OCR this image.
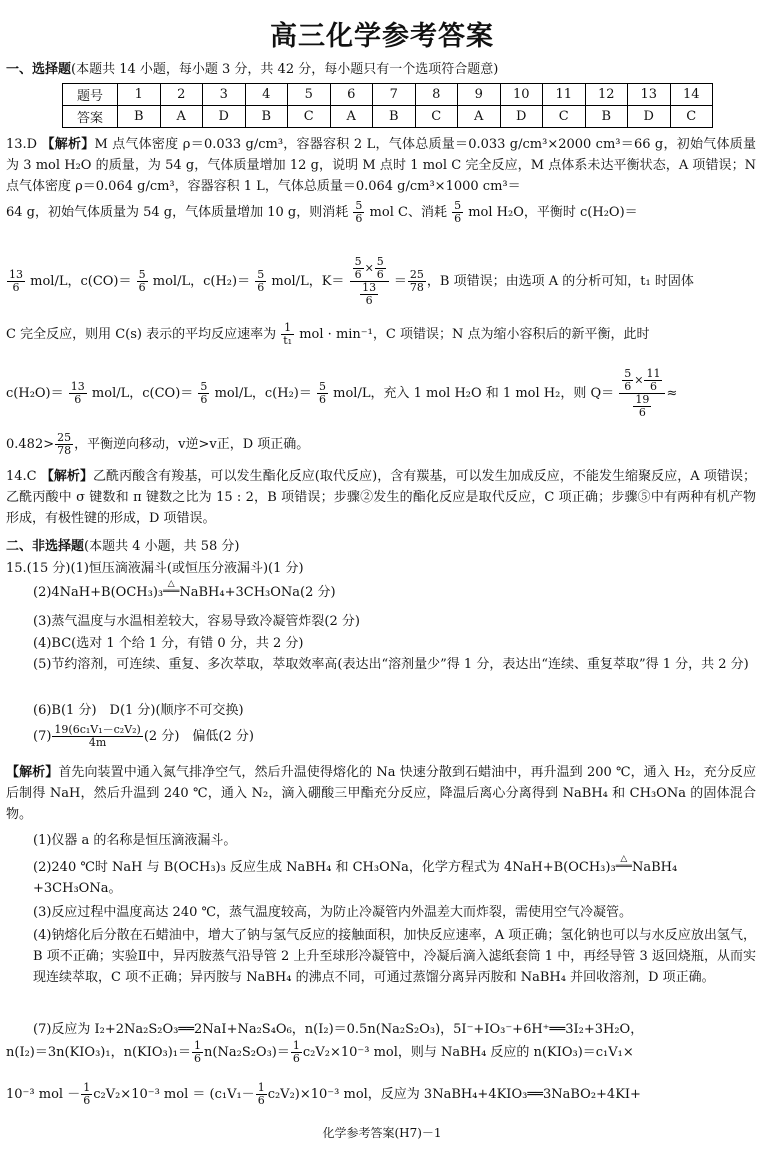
高三化学参考答案
一、选择题(本题共 14 小题，每小题 3 分，共 42 分，每小题只有一个选项符合题意)
题号	1	2	3	4	5	6	7	8	9	10	11	12	13	14
答案	B	A	D	B	C	A	B	C	A	D	C	B	D	C
13.D 【解析】M 点气体密度 ρ＝0.033 g/cm³，容器容积 2 L，气体总质量＝0.033 g/cm³×2000 cm³＝66 g，初始气体质量为 3 mol H₂O 的质量，为 54 g，气体质量增加 12 g，说明 M 点时 1 mol C 完全反应，M 点体系未达平衡状态，A 项错误；N 点气体密度 ρ＝0.064 g/cm³，容器容积 1 L，气体总质量＝0.064 g/cm³×1000 cm³＝
64 g，初始气体质量为 54 g，气体质量增加 10 g，则消耗 $\frac{5}{6}$ mol C、消耗 $\frac{5}{6}$ mol H₂O，平衡时 c(H₂O)＝
$\frac{13}{6} mol/L$，$c(CO)= \frac{5}{6} mol/L$，$c(H_2)= \frac{5}{6} mol/L$，$K= \frac{\frac{5}{6} \times \frac{5}{6}}{\frac{13}{6}} = \frac{25}{78}$ ，B 项错误；由选项 A 的分析可知，t₁ 时固体
C 完全反应，则用 C(s) 表示的平均反应速率为 $\frac{1}{\text{t₁}}$ mol · min⁻¹，C 项错误；N 点为缩小容积后的新平衡，此时
$c(H_2O)= \frac{13}{6} mol/L$，$c(CO)= \frac{5}{6} mol/L$，$c(H_2)= \frac{5}{6} mol/L$，充入 1 mol H₂O 和 1 mol H₂，则 $Q= \frac{\frac{5}{6} \times \frac{11}{6}}{\frac{19}{6}}$ ≈
$0.482> \frac{25}{78}$ ，平衡逆向移动，v逆>v正，D 项正确。
14.C 【解析】乙酰丙酸含有羧基，可以发生酯化反应(取代反应)，含有羰基，可以发生加成反应，不能发生缩聚反应，A 项错误；乙酰丙酸中 σ 键数和 π 键数之比为 15 : 2，B 项错误；步骤②发生的酯化反应是取代反应，C 项正确；步骤⑤中有两种有机产物形成，有极性键的形成，D 项错误。
二、非选择题(本题共 4 小题，共 58 分)
15.(15 分)(1)恒压滴液漏斗(或恒压分液漏斗)(1 分)
(2)4NaH+B(OCH₃)₃△
═══NaBH₄+3CH₃ONa(2 分)
(3)蒸气温度与水温相差较大，容易导致冷凝管炸裂(2 分)
(4)BC(选对 1 个给 1 分，有错 0 分，共 2 分)
(5)节约溶剂，可连续、重复、多次萃取，萃取效率高(表达出“溶剂量少”得 1 分，表达出“连续、重复萃取”得 1 分，共 2 分)
(6)B(1 分)　D(1 分)(顺序不可交换)
$(7) \frac{\text{19(6c₁V₁－c₂V₂)}}{4m} (2$ 分)　偏低(2 分)
【解析】首先向装置中通入氮气排净空气，然后升温使得熔化的 Na 快速分散到石蜡油中，再升温到 200 ℃，通入 H₂，充分反应后制得 NaH，然后升温到 240 ℃，通入 N₂，滴入硼酸三甲酯充分反应，降温后离心分离得到 NaBH₄ 和 CH₃ONa 的固体混合物。
(1)仪器 a 的名称是恒压滴液漏斗。
(2)240 ℃时 NaH 与 B(OCH₃)₃ 反应生成 NaBH₄ 和 CH₃ONa，化学方程式为 4NaH+B(OCH₃)₃△
═══NaBH₄
+3CH₃ONa。
(3)反应过程中温度高达 240 ℃，蒸气温度较高，为防止冷凝管内外温差大而炸裂，需使用空气冷凝管。
(4)钠熔化后分散在石蜡油中，增大了钠与氢气反应的接触面积，加快反应速率，A 项正确；氢化钠也可以与水反应放出氢气，B 项不正确；实验Ⅱ中，异丙胺蒸气沿导管 2 上升至球形冷凝管中，冷凝后滴入滤纸套筒 1 中，再经导管 3 返回烧瓶，从而实现连续萃取，C 项不正确；异丙胺与 NaBH₄ 的沸点不同，可通过蒸馏分离异丙胺和 NaBH₄ 并回收溶剂，D 项正确。
(7)反应为 I₂+2Na₂S₂O₃══2NaI+Na₂S₄O₆，n(I₂)＝0.5n(Na₂S₂O₃)，5I⁻+IO₃⁻+6H⁺══3I₂+3H₂O，
n(I₂)＝3n(KIO₃)₁，$n(KIO_3)_1= \frac{1}{6} n(Na_2S_2O_3)= \frac{1}{6} c_2V_2\times 10^{-3}$ mol，则与 NaBH₄ 反应的 n(KIO₃)＝c₁V₁×
10⁻³ mol － $\frac{1}{6} c_2V_2\times 10^{-3}$ mol ＝ $(c_1V_1- \frac{1}{6} c_2V_2)\times 10^{-3}$ mol，反应为 3NaBH₄+4KIO₃══3NaBO₂+4KI+
化学参考答案(H7)－1
